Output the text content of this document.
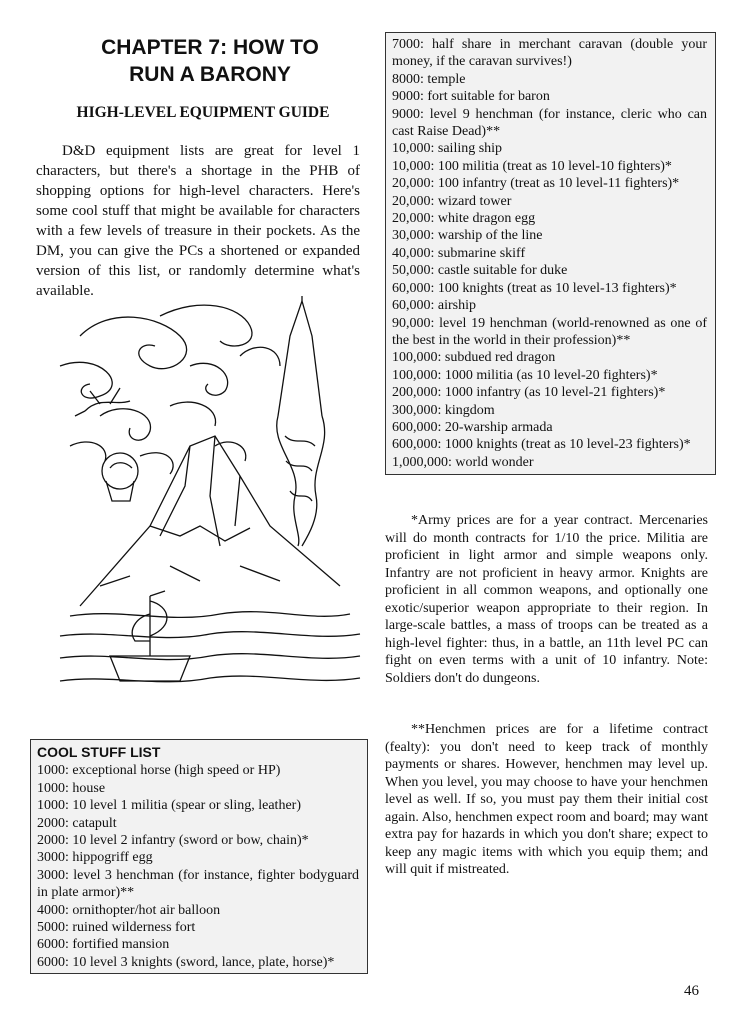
CHAPTER 7: HOW TO
RUN A BARONY
HIGH-LEVEL EQUIPMENT GUIDE

D&D equipment lists are great for level 1 characters, but there's a shortage in the PHB of shopping options for high-level characters. Here's some cool stuff that might be available for characters with a few levels of treasure in their pockets. As the DM, you can give the PCs a shortened or expanded version of this list, or randomly determine what's available.

7000: half share in merchant caravan (double your money, if the caravan survives!)
8000: temple
9000: fort suitable for baron
9000: level 9 henchman (for instance, cleric who can cast Raise Dead)**
10,000: sailing ship
10,000: 100 militia (treat as 10 level-10 fighters)*
20,000: 100 infantry (treat as 10 level-11 fighters)*
20,000: wizard tower
20,000: white dragon egg
30,000: warship of the line
40,000: submarine skiff
50,000: castle suitable for duke
60,000: 100 knights (treat as 10 level-13 fighters)*
60,000: airship
90,000: level 19 henchman (world-renowned as one of the best in the world in their profession)**
100,000: subdued red dragon
100,000: 1000 militia (as 10 level-20 fighters)*
200,000: 1000 infantry (as 10 level-21 fighters)*
300,000: kingdom
600,000: 20-warship armada
600,000: 1000 knights (treat as 10 level-23 fighters)*
1,000,000: world wonder
COOL STUFF LIST
1000: exceptional horse (high speed or HP)
1000: house
1000: 10 level 1 militia (spear or sling, leather)
2000: catapult
2000: 10 level 2 infantry (sword or bow, chain)*
3000: hippogriff egg
3000: level 3 henchman (for instance, fighter bodyguard in plate armor)**
4000: ornithopter/hot air balloon
5000: ruined wilderness fort
6000: fortified mansion
6000: 10 level 3 knights (sword, lance, plate, horse)*

*Army prices are for a year contract. Mercenaries will do month contracts for 1/10 the price. Militia are proficient in light armor and simple weapons only. Infantry are not proficient in heavy armor. Knights are proficient in all common weapons, and optionally one exotic/superior weapon appropriate to their region. In large-scale battles, a mass of troops can be treated as a high-level fighter: thus, in a battle, an 11th level PC can fight on even terms with a unit of 10 infantry. Note: Soldiers don't do dungeons.

**Henchmen prices are for a lifetime contract (fealty): you don't need to keep track of monthly payments or shares. However, henchmen may level up. When you level, you may choose to have your henchmen level as well. If so, you must pay them their initial cost again. Also, henchmen expect room and board; may want extra pay for hazards in which you don't share; expect to keep any magic items with which you equip them; and will quit if mistreated.

46
